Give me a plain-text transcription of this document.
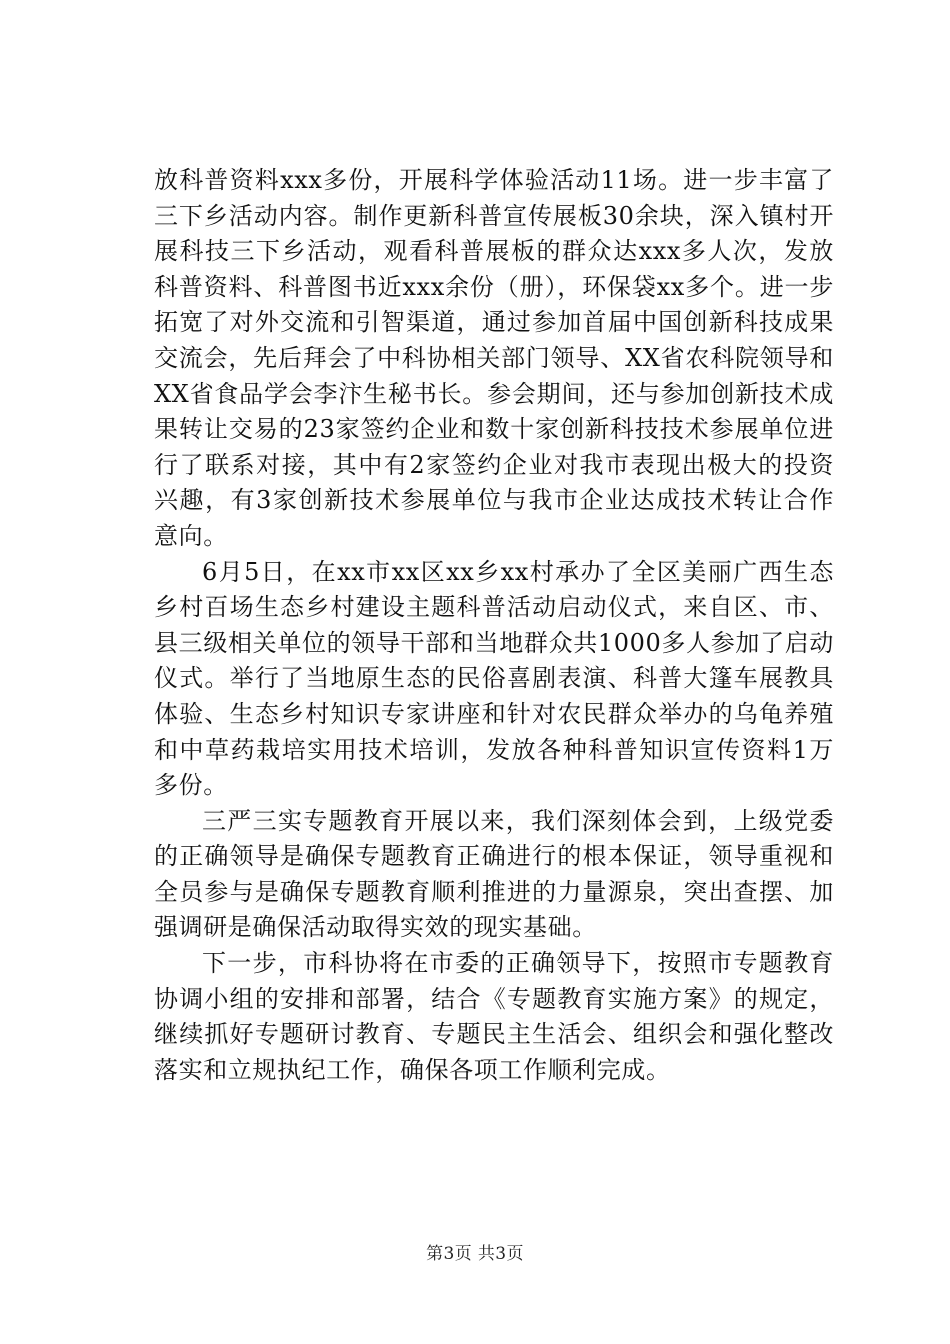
放科普资料xxx多份，开展科学体验活动11场。进一步丰富了三下乡活动内容。制作更新科普宣传展板30余块，深入镇村开展科技三下乡活动，观看科普展板的群众达xxx多人次，发放科普资料、科普图书近xxx余份（册），环保袋xx多个。进一步拓宽了对外交流和引智渠道，通过参加首届中国创新科技成果交流会，先后拜会了中科协相关部门领导、XX省农科院领导和XX省食品学会李汴生秘书长。参会期间，还与参加创新技术成果转让交易的23家签约企业和数十家创新科技技术参展单位进行了联系对接，其中有2家签约企业对我市表现出极大的投资兴趣，有3家创新技术参展单位与我市企业达成技术转让合作意向。

6月5日，在xx市xx区xx乡xx村承办了全区美丽广西生态乡村百场生态乡村建设主题科普活动启动仪式，来自区、市、县三级相关单位的领导干部和当地群众共1000多人参加了启动仪式。举行了当地原生态的民俗喜剧表演、科普大篷车展教具体验、生态乡村知识专家讲座和针对农民群众举办的乌龟养殖和中草药栽培实用技术培训，发放各种科普知识宣传资料1万多份。

三严三实专题教育开展以来，我们深刻体会到，上级党委的正确领导是确保专题教育正确进行的根本保证，领导重视和全员参与是确保专题教育顺利推进的力量源泉，突出查摆、加强调研是确保活动取得实效的现实基础。

下一步，市科协将在市委的正确领导下，按照市专题教育协调小组的安排和部署，结合《专题教育实施方案》的规定，继续抓好专题研讨教育、专题民主生活会、组织会和强化整改落实和立规执纪工作，确保各项工作顺利完成。

第3页 共3页
